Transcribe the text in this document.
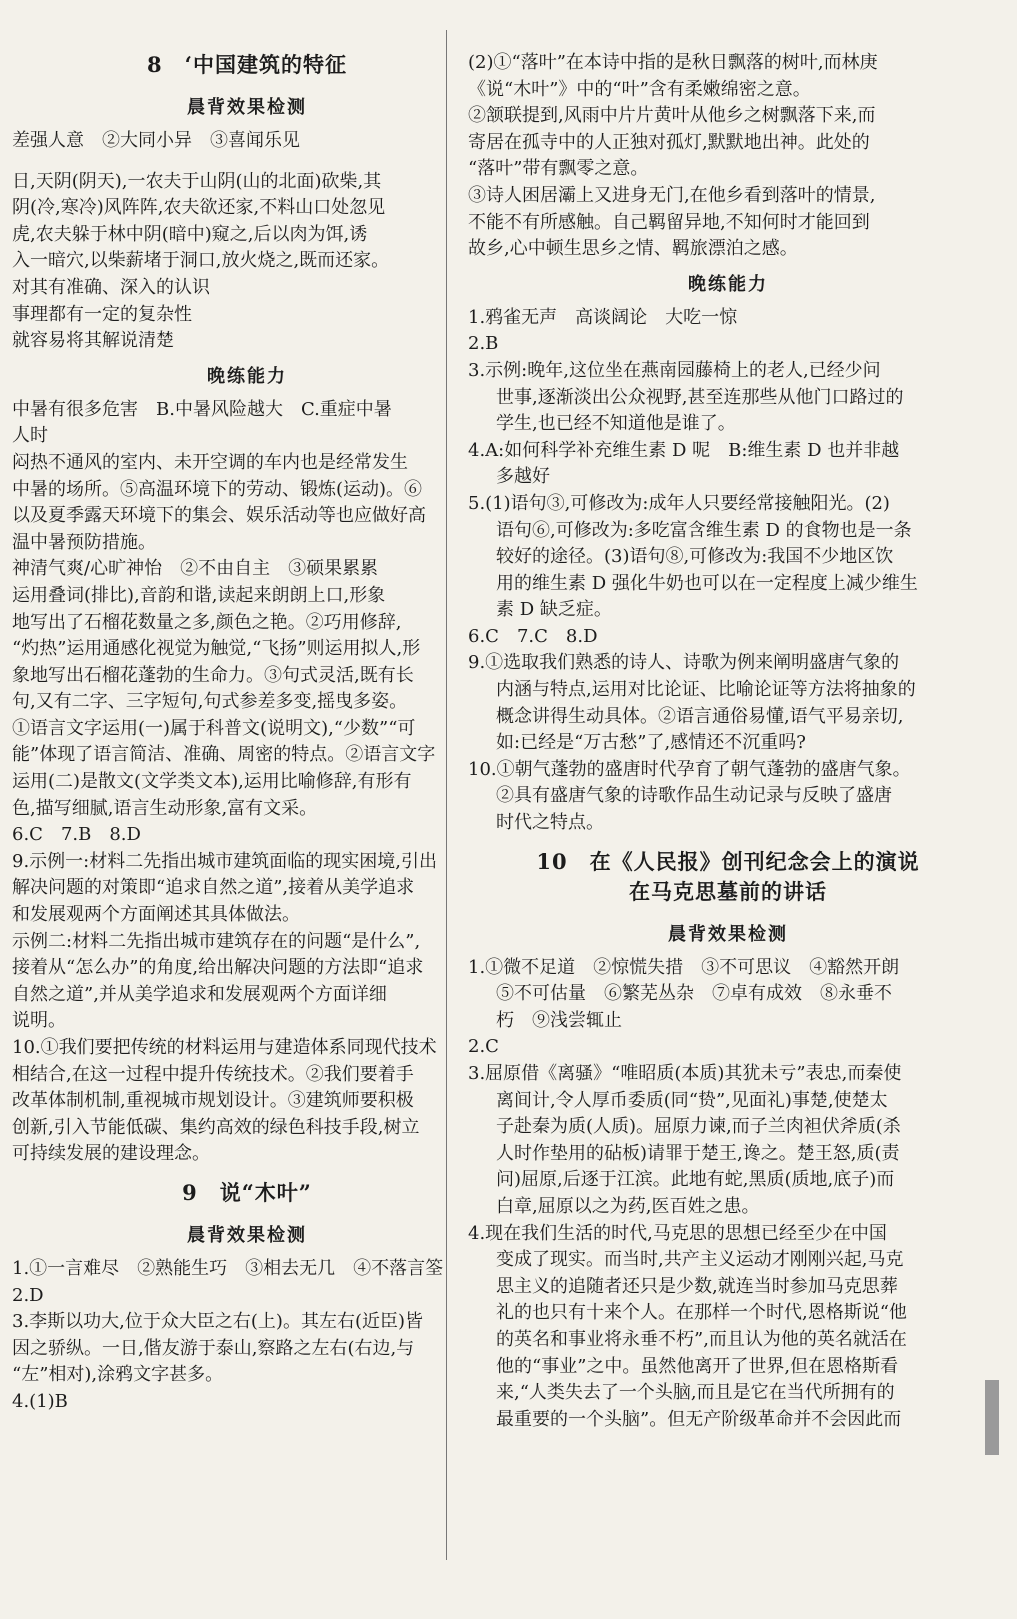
8　‘中国建筑的特征
晨背效果检测
差强人意　②大同小异　③喜闻乐见
日,天阴(阴天),一农夫于山阴(山的北面)砍柴,其
阴(冷,寒冷)风阵阵,农夫欲还家,不料山口处忽见
虎,农夫躲于林中阴(暗中)窥之,后以肉为饵,诱
入一暗穴,以柴薪堵于洞口,放火烧之,既而还家。
对其有准确、深入的认识
事理都有一定的复杂性
就容易将其解说清楚
晚练能力
中暑有很多危害　B.中暑风险越大　C.重症中暑
人时
闷热不通风的室内、未开空调的车内也是经常发生
中暑的场所。⑤高温环境下的劳动、锻炼(运动)。⑥
以及夏季露天环境下的集会、娱乐活动等也应做好高
温中暑预防措施。
神清气爽/心旷神怡　②不由自主　③硕果累累
运用叠词(排比),音韵和谐,读起来朗朗上口,形象
地写出了石榴花数量之多,颜色之艳。②巧用修辞,
“灼热”运用通感化视觉为触觉,“飞扬”则运用拟人,形
象地写出石榴花蓬勃的生命力。③句式灵活,既有长
句,又有二字、三字短句,句式参差多变,摇曳多姿。
①语言文字运用(一)属于科普文(说明文),“少数”“可
能”体现了语言简洁、准确、周密的特点。②语言文字
运用(二)是散文(文学类文本),运用比喻修辞,有形有
色,描写细腻,语言生动形象,富有文采。
6.C　7.B　8.D
9.示例一:材料二先指出城市建筑面临的现实困境,引出
解决问题的对策即“追求自然之道”,接着从美学追求
和发展观两个方面阐述其具体做法。
示例二:材料二先指出城市建筑存在的问题“是什么”,
接着从“怎么办”的角度,给出解决问题的方法即“追求
自然之道”,并从美学追求和发展观两个方面详细
说明。
10.①我们要把传统的材料运用与建造体系同现代技术
相结合,在这一过程中提升传统技术。②我们要着手
改革体制机制,重视城市规划设计。③建筑师要积极
创新,引入节能低碳、集约高效的绿色科技手段,树立
可持续发展的建设理念。
9　说“木叶”
晨背效果检测
1.①一言难尽　②熟能生巧　③相去无几　④不落言筌
2.D
3.李斯以功大,位于众大臣之右(上)。其左右(近臣)皆
因之骄纵。一日,偕友游于泰山,察路之左右(右边,与
“左”相对),涂鸦文字甚多。
4.(1)B
(2)①“落叶”在本诗中指的是秋日飘落的树叶,而林庚
《说“木叶”》中的“叶”含有柔嫩绵密之意。
②颔联提到,风雨中片片黄叶从他乡之树飘落下来,而
寄居在孤寺中的人正独对孤灯,默默地出神。此处的
“落叶”带有飘零之意。
③诗人困居灞上又进身无门,在他乡看到落叶的情景,
不能不有所感触。自己羁留异地,不知何时才能回到
故乡,心中顿生思乡之情、羁旅漂泊之感。
晚练能力
1.鸦雀无声　高谈阔论　大吃一惊
2.B
3.示例:晚年,这位坐在燕南园藤椅上的老人,已经少问
世事,逐渐淡出公众视野,甚至连那些从他门口路过的
学生,也已经不知道他是谁了。
4.A:如何科学补充维生素 D 呢　B:维生素 D 也并非越
多越好
5.(1)语句③,可修改为:成年人只要经常接触阳光。(2)
语句⑥,可修改为:多吃富含维生素 D 的食物也是一条
较好的途径。(3)语句⑧,可修改为:我国不少地区饮
用的维生素 D 强化牛奶也可以在一定程度上减少维生
素 D 缺乏症。
6.C　7.C　8.D
9.①选取我们熟悉的诗人、诗歌为例来阐明盛唐气象的
内涵与特点,运用对比论证、比喻论证等方法将抽象的
概念讲得生动具体。②语言通俗易懂,语气平易亲切,
如:已经是“万古愁”了,感情还不沉重吗?
10.①朝气蓬勃的盛唐时代孕育了朝气蓬勃的盛唐气象。
②具有盛唐气象的诗歌作品生动记录与反映了盛唐
时代之特点。
10　在《人民报》创刊纪念会上的演说
在马克思墓前的讲话
晨背效果检测
1.①微不足道　②惊慌失措　③不可思议　④豁然开朗
⑤不可估量　⑥繁芜丛杂　⑦卓有成效　⑧永垂不
朽　⑨浅尝辄止
2.C
3.屈原借《离骚》“唯昭质(本质)其犹未亏”表忠,而秦使
离间计,令人厚币委质(同“贽”,见面礼)事楚,使楚太
子赴秦为质(人质)。屈原力谏,而子兰肉袒伏斧质(杀
人时作垫用的砧板)请罪于楚王,谗之。楚王怒,质(责
问)屈原,后逐于江滨。此地有蛇,黑质(质地,底子)而
白章,屈原以之为药,医百姓之患。
4.现在我们生活的时代,马克思的思想已经至少在中国
变成了现实。而当时,共产主义运动才刚刚兴起,马克
思主义的追随者还只是少数,就连当时参加马克思葬
礼的也只有十来个人。在那样一个时代,恩格斯说“他
的英名和事业将永垂不朽”,而且认为他的英名就活在
他的“事业”之中。虽然他离开了世界,但在恩格斯看
来,“人类失去了一个头脑,而且是它在当代所拥有的
最重要的一个头脑”。但无产阶级革命并不会因此而
